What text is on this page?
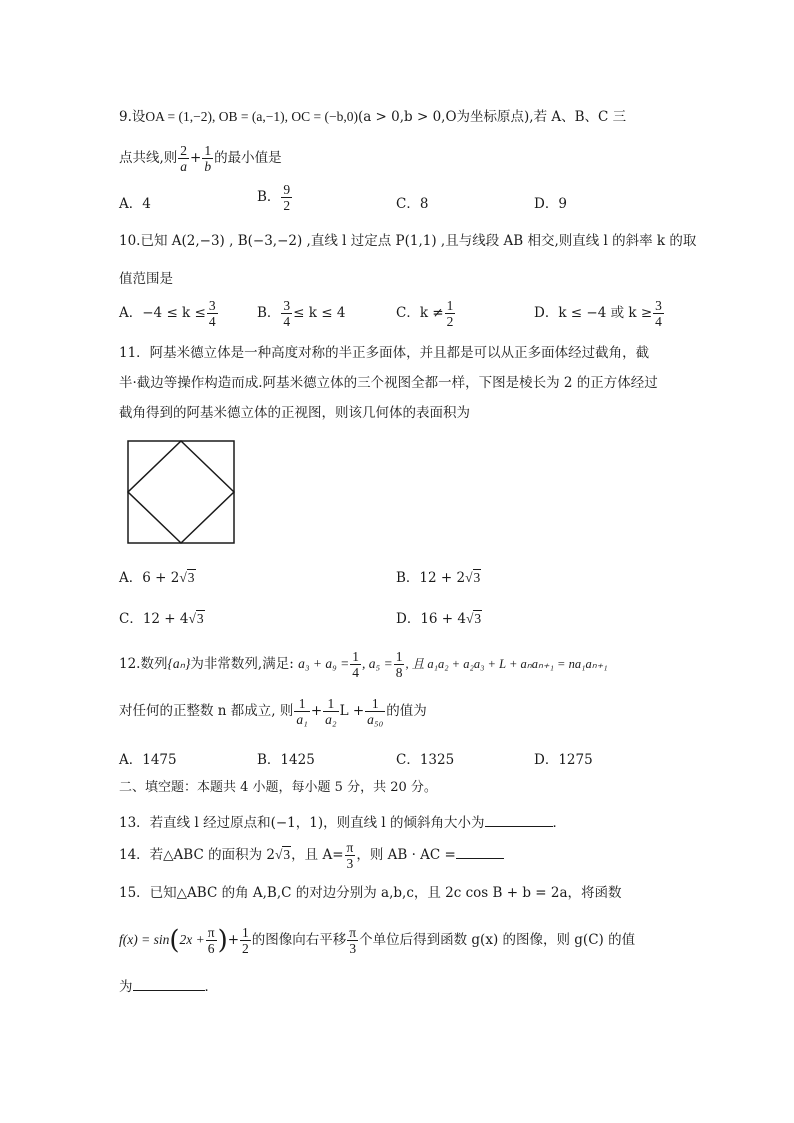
9.设OA = (1,−2), OB = (a,−1), OC = (−b,0)(a > 0,b > 0,O为坐标原点),若 A、B、C 三
点共线,则 $\frac{2}{a} + \frac{1}{b}$ 的最小值是
A．4	B． $\frac{9}{2}$	C．8	D．9
10.已知 A(2,−3) , B(−3,−2) ,直线 l 过定点 P(1,1) ,且与线段 AB 相交,则直线 l 的斜率 k 的取
值范围是
A．$-4 \le k \le \frac{3}{4}$	B． $\frac{3}{4} \le k \le 4$	C．$k \ne \frac{1}{2}$	D．k ≤ −4 或 $k \ge \frac{3}{4}$
11．阿基米德立体是一种高度对称的半正多面体，并且都是可以从正多面体经过截角，截
半·截边等操作构造而成.阿基米德立体的三个视图全都一样，下图是棱长为 2 的正方体经过
截角得到的阿基米德立体的正视图，则该几何体的表面积为
A．6 + 2√3	B．12 + 2√3
C．12 + 4√3	D．16 + 4√3
12.数列{aₙ}为非常数列,满足: $a_3 + a_9 = \frac{1}{4}$ , $a_5 = \frac{1}{8}$ , 且 a₁a₂ + a₂a₃ + L + aₙaₙ₊₁ = na₁aₙ₊₁
对任何的正整数 n 都成立, 则 $\frac{1}{\text{a₁}} + \frac{1}{\text{a₂}}$ $L + \frac{1}{\text{a₅₀}}$ 的值为
A．1475	B．1425	C．1325	D．1275
二、填空题：本题共 4 小题，每小题 5 分，共 20 分。
13．若直线 l 经过原点和(−1，1)，则直线 l 的倾斜角大小为	．
14．若△ABC 的面积为 2√3，且 $A= \frac{\pi}{3}$ ，则 AB · AC =
15．已知△ABC 的角 A,B,C 的对边分别为 a,b,c，且 2c cos B + b = 2a，将函数
$f(x) = \sin(2x + \frac{\pi}{6}$ )+ $\frac{1}{2}$ 的图像向右平移 $\frac{\pi}{3}$ 个单位后得到函数 g(x) 的图像，则 g(C) 的值
为	．
